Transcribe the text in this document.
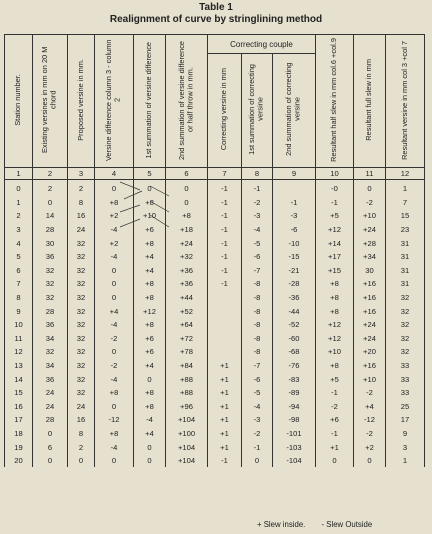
Table 1
Realignment of curve by stringlining method
Station number.	Existing versines in mm on 20 M chord	Proposed versine in mm.	Versine difference column 3 - column 2	1st summation of versine difference	2nd summation of versine difference or half throw in mm.	Correcting couple			Resultant half slew in mm col.6 +col.9	Resultant full slew in mm	Resultant versine in mm col 3 +col 7
						Correcting versine in mm	1st summation of correcting versine	2nd summation of correcting versine			
1	2	3	4	5	6	7	8	9	10	11	12
0	2	2	0	0	0	-1	-1		-0	0	1
1	0	8	+8	+8	0	-1	-2	-1	-1	-2	7
2	14	16	+2	+10	+8	-1	-3	-3	+5	+10	15
3	28	24	-4	+6	+18	-1	-4	-6	+12	+24	23
4	30	32	+2	+8	+24	-1	-5	-10	+14	+28	31
5	36	32	-4	+4	+32	-1	-6	-15	+17	+34	31
6	32	32	0	+4	+36	-1	-7	-21	+15	30	31
7	32	32	0	+8	+36	-1	-8	-28	+8	+16	31
8	32	32	0	+8	+44		-8	-36	+8	+16	32
9	28	32	+4	+12	+52		-8	-44	+8	+16	32
10	36	32	-4	+8	+64		-8	-52	+12	+24	32
11	34	32	-2	+6	+72		-8	-60	+12	+24	32
12	32	32	0	+6	+78		-8	-68	+10	+20	32
13	34	32	-2	+4	+84	+1	-7	-76	+8	+16	33
14	36	32	-4	0	+88	+1	-6	-83	+5	+10	33
15	24	32	+8	+8	+88	+1	-5	-89	-1	-2	33
16	24	24	0	+8	+96	+1	-4	-94	-2	+4	25
17	28	16	-12	-4	+104	+1	-3	-98	+6	-12	17
18	0	8	+8	+4	+100	+1	-2	-101	-1	-2	9
19	6	2	-4	0	+104	+1	-1	-103	+1	+2	3
20	0	0	0	0	+104	-1	0	-104	0	0	1
+ Slew inside. - Slew Outside
